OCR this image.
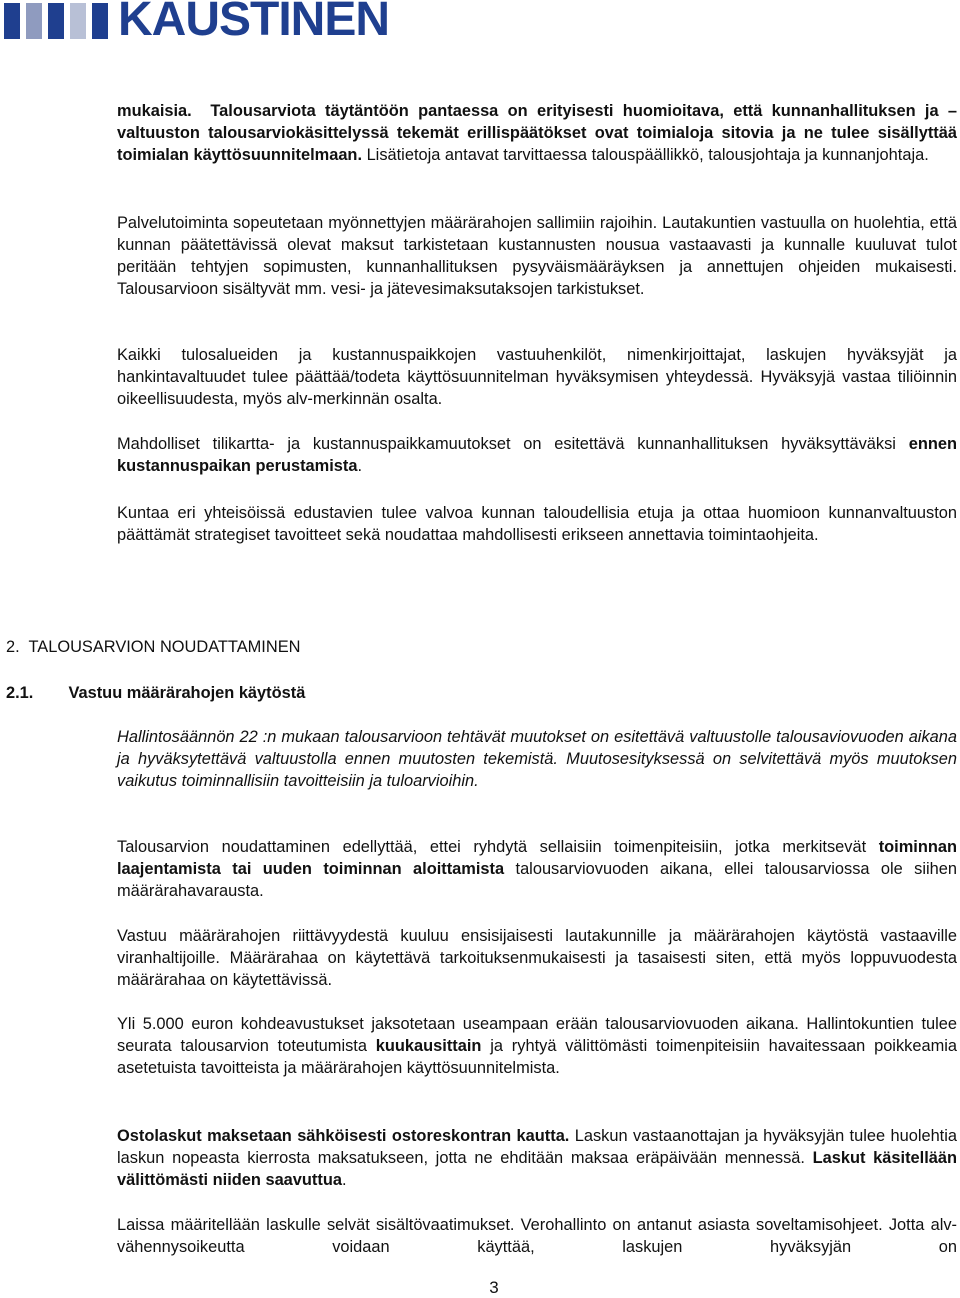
KAUSTINEN

mukaisia. Talousarviota täytäntöön pantaessa on erityisesti huomioitava, että kunnanhallituksen ja –valtuuston talousarviokäsittelyssä tekemät erillispäätökset ovat toimialoja sitovia ja ne tulee sisällyttää toimialan käyttösuunnitelmaan. Lisätietoja antavat tarvittaessa talouspäällikkö, talousjohtaja ja kunnanjohtaja.

Palvelutoiminta sopeutetaan myönnettyjen määrärahojen sallimiin rajoihin. Lautakuntien vastuulla on huolehtia, että kunnan päätettävissä olevat maksut tarkistetaan kustannusten nousua vastaavasti ja kunnalle kuuluvat tulot peritään tehtyjen sopimusten, kunnanhallituksen pysyväismääräyksen ja annettujen ohjeiden mukaisesti. Talousarvioon sisältyvät mm. vesi- ja jätevesimaksutaksojen tarkistukset.

Kaikki tulosalueiden ja kustannuspaikkojen vastuuhenkilöt, nimenkirjoittajat, laskujen hyväksyjät ja hankintavaltuudet tulee päättää/todeta käyttösuunnitelman hyväksymisen yhteydessä. Hyväksyjä vastaa tiliöinnin oikeellisuudesta, myös alv-merkinnän osalta.

Mahdolliset tilikartta- ja kustannuspaikkamuutokset on esitettävä kunnanhallituksen hyväksyttäväksi ennen kustannuspaikan perustamista.

Kuntaa eri yhteisöissä edustavien tulee valvoa kunnan taloudellisia etuja ja ottaa huomioon kunnanvaltuuston päättämät strategiset tavoitteet sekä noudattaa mahdollisesti erikseen annettavia toimintaohjeita.

2. TALOUSARVION NOUDATTAMINEN
2.1. Vastuu määrärahojen käytöstä

Hallintosäännön 22 :n mukaan talousarvioon tehtävät muutokset on esitettävä valtuustolle talousaviovuoden aikana ja hyväksytettävä valtuustolla ennen muutosten tekemistä. Muutosesityksessä on selvitettävä myös muutoksen vaikutus toiminnallisiin tavoitteisiin ja tuloarvioihin.

Talousarvion noudattaminen edellyttää, ettei ryhdytä sellaisiin toimenpiteisiin, jotka merkitsevät toiminnan laajentamista tai uuden toiminnan aloittamista talousarviovuoden aikana, ellei talousarviossa ole siihen määrärahavarausta.

Vastuu määrärahojen riittävyydestä kuuluu ensisijaisesti lautakunnille ja määrärahojen käytöstä vastaaville viranhaltijoille. Määrärahaa on käytettävä tarkoituksenmukaisesti ja tasaisesti siten, että myös loppuvuodesta määrärahaa on käytettävissä.

Yli 5.000 euron kohdeavustukset jaksotetaan useampaan erään talousarviovuoden aikana. Hallintokuntien tulee seurata talousarvion toteutumista kuukausittain ja ryhtyä välittömästi toimenpiteisiin havaitessaan poikkeamia asetetuista tavoitteista ja määrärahojen käyttösuunnitelmista.

Ostolaskut maksetaan sähköisesti ostoreskontran kautta. Laskun vastaanottajan ja hyväksyjän tulee huolehtia laskun nopeasta kierrosta maksatukseen, jotta ne ehditään maksaa eräpäivään mennessä. Laskut käsitellään välittömästi niiden saavuttua.

Laissa määritellään laskulle selvät sisältövaatimukset. Verohallinto on antanut asiasta soveltamisohjeet. Jotta alv-vähennysoikeutta voidaan käyttää, laskujen hyväksyjän on

3
